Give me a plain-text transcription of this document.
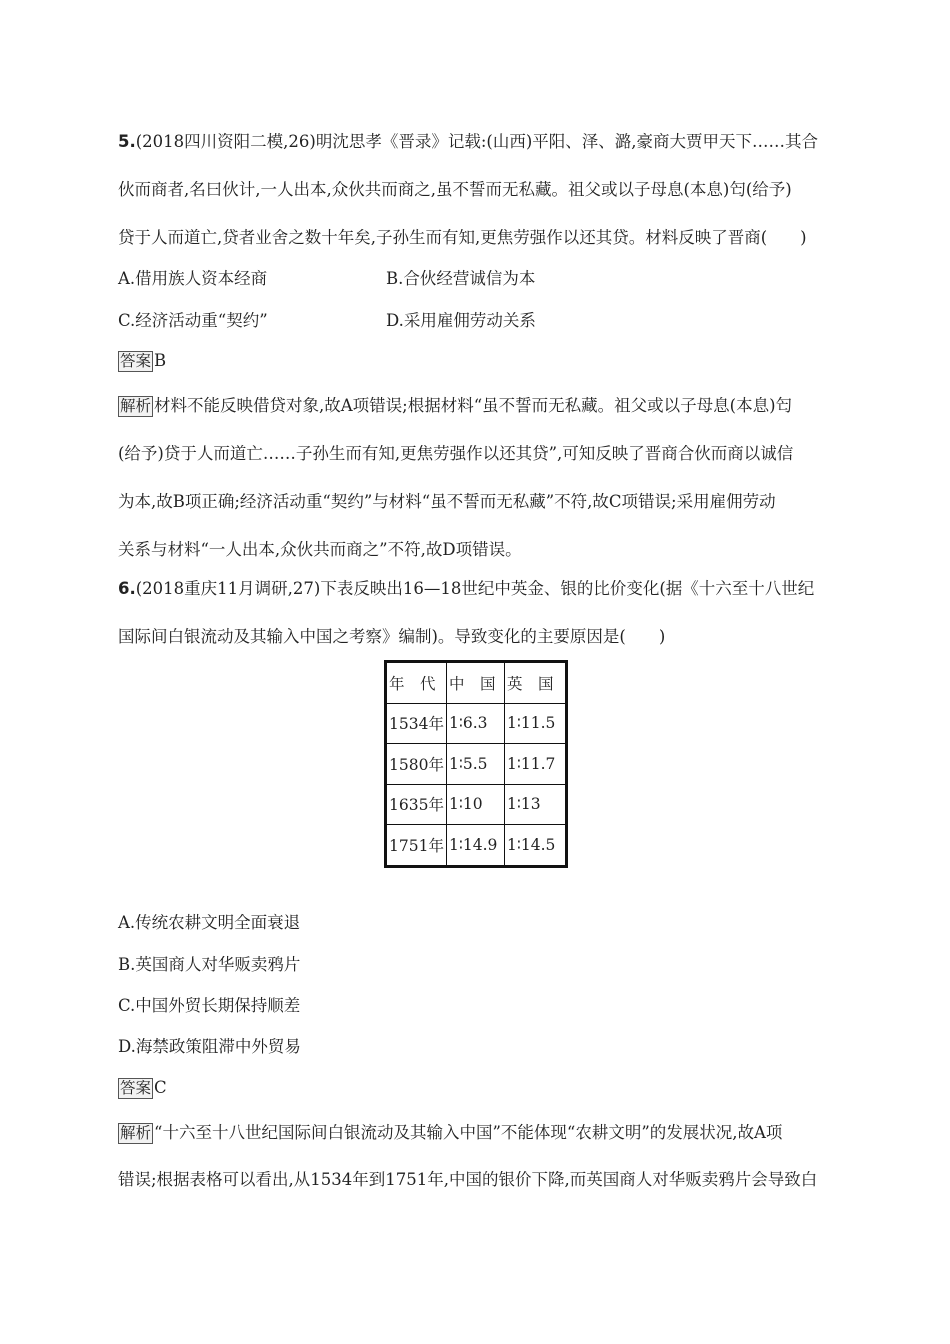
5.(2018四川资阳二模,26)明沈思孝《晋录》记载:(山西)平阳、泽、潞,豪商大贾甲天下……其合
伙而商者,名曰伙计,一人出本,众伙共而商之,虽不誓而无私藏。祖父或以子母息(本息)匄(给予)
贷于人而道亡,贷者业舍之数十年矣,子孙生而有知,更焦劳强作以还其贷。材料反映了晋商(　　)
A.借用族人资本经商	B.合伙经营诚信为本
C.经济活动重“契约”	D.采用雇佣劳动关系
答案 B
解析 材料不能反映借贷对象,故A项错误;根据材料“虽不誓而无私藏。祖父或以子母息(本息)匄
(给予)贷于人而道亡……子孙生而有知,更焦劳强作以还其贷”,可知反映了晋商合伙而商以诚信
为本,故B项正确;经济活动重“契约”与材料“虽不誓而无私藏”不符,故C项错误;采用雇佣劳动
关系与材料“一人出本,众伙共而商之”不符,故D项错误。
6.(2018重庆11月调研,27)下表反映出16—18世纪中英金、银的比价变化(据《十六至十八世纪
国际间白银流动及其输入中国之考察》编制)。导致变化的主要原因是(　　)
年　代	中　国	英　国
1534年	1∶6.3	1∶11.5
1580年	1∶5.5	1∶11.7
1635年	1∶10	1∶13
1751年	1∶14.9	1∶14.5
A.传统农耕文明全面衰退
B.英国商人对华贩卖鸦片
C.中国外贸长期保持顺差
D.海禁政策阻滞中外贸易
答案 C
解析 “十六至十八世纪国际间白银流动及其输入中国”不能体现“农耕文明”的发展状况,故A项
错误;根据表格可以看出,从1534年到1751年,中国的银价下降,而英国商人对华贩卖鸦片会导致白
